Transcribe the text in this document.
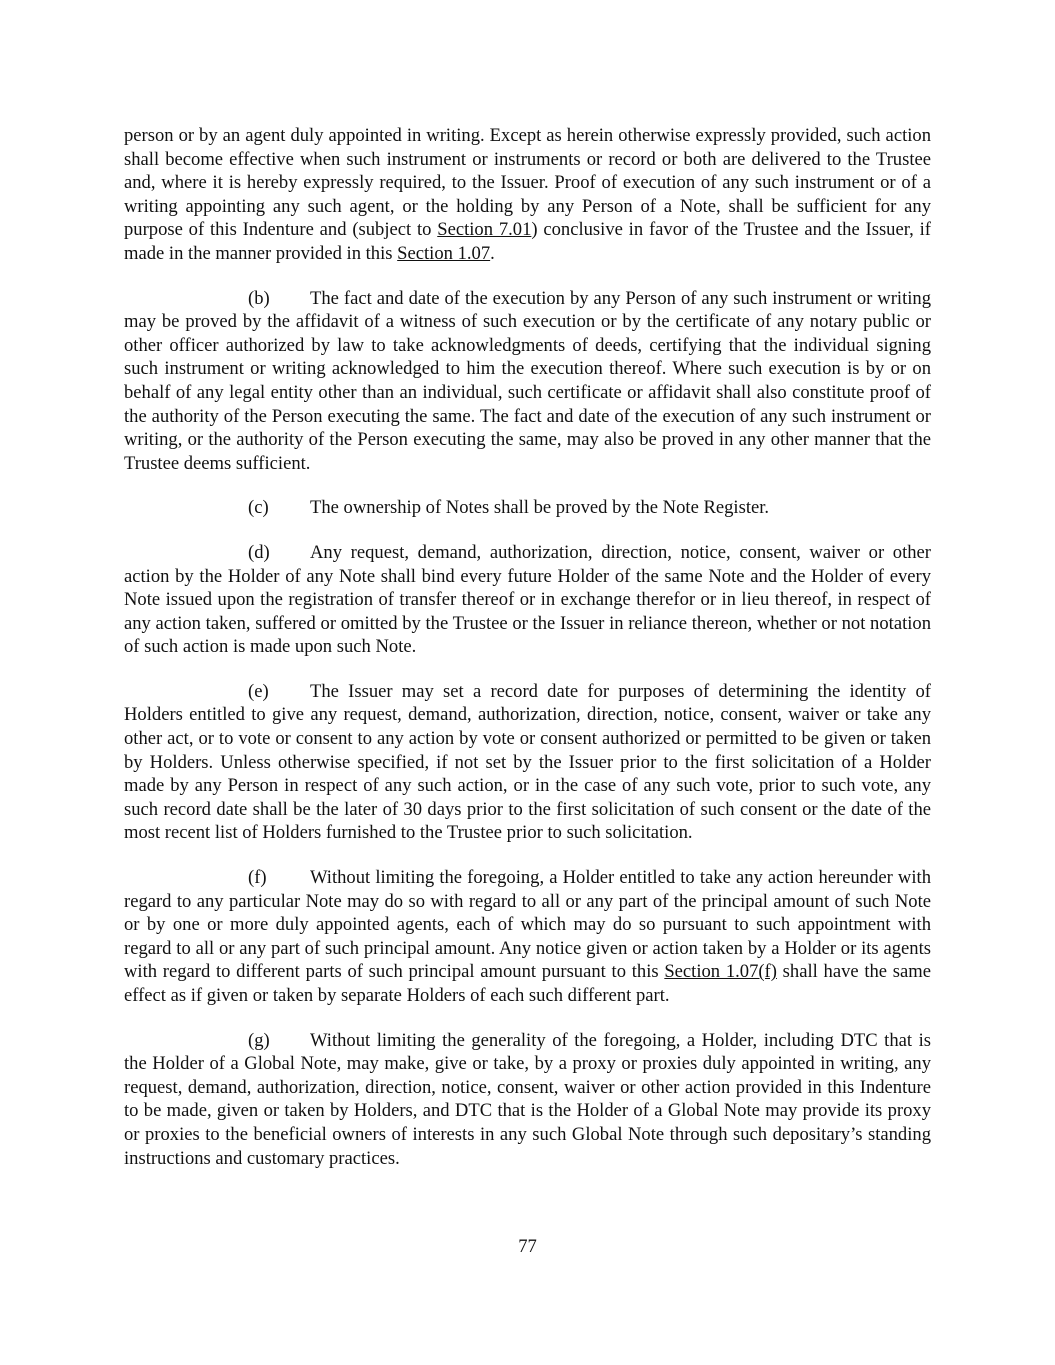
person or by an agent duly appointed in writing. Except as herein otherwise expressly provided, such action shall become effective when such instrument or instruments or record or both are delivered to the Trustee and, where it is hereby expressly required, to the Issuer. Proof of execution of any such instrument or of a writing appointing any such agent, or the holding by any Person of a Note, shall be sufficient for any purpose of this Indenture and (subject to Section 7.01) conclusive in favor of the Trustee and the Issuer, if made in the manner provided in this Section 1.07.

(b) The fact and date of the execution by any Person of any such instrument or writing may be proved by the affidavit of a witness of such execution or by the certificate of any notary public or other officer authorized by law to take acknowledgments of deeds, certifying that the individual signing such instrument or writing acknowledged to him the execution thereof. Where such execution is by or on behalf of any legal entity other than an individual, such certificate or affidavit shall also constitute proof of the authority of the Person executing the same. The fact and date of the execution of any such instrument or writing, or the authority of the Person executing the same, may also be proved in any other manner that the Trustee deems sufficient.

(c) The ownership of Notes shall be proved by the Note Register.

(d) Any request, demand, authorization, direction, notice, consent, waiver or other action by the Holder of any Note shall bind every future Holder of the same Note and the Holder of every Note issued upon the registration of transfer thereof or in exchange therefor or in lieu thereof, in respect of any action taken, suffered or omitted by the Trustee or the Issuer in reliance thereon, whether or not notation of such action is made upon such Note.

(e) The Issuer may set a record date for purposes of determining the identity of Holders entitled to give any request, demand, authorization, direction, notice, consent, waiver or take any other act, or to vote or consent to any action by vote or consent authorized or permitted to be given or taken by Holders. Unless otherwise specified, if not set by the Issuer prior to the first solicitation of a Holder made by any Person in respect of any such action, or in the case of any such vote, prior to such vote, any such record date shall be the later of 30 days prior to the first solicitation of such consent or the date of the most recent list of Holders furnished to the Trustee prior to such solicitation.

(f) Without limiting the foregoing, a Holder entitled to take any action hereunder with regard to any particular Note may do so with regard to all or any part of the principal amount of such Note or by one or more duly appointed agents, each of which may do so pursuant to such appointment with regard to all or any part of such principal amount. Any notice given or action taken by a Holder or its agents with regard to different parts of such principal amount pursuant to this Section 1.07(f) shall have the same effect as if given or taken by separate Holders of each such different part.

(g) Without limiting the generality of the foregoing, a Holder, including DTC that is the Holder of a Global Note, may make, give or take, by a proxy or proxies duly appointed in writing, any request, demand, authorization, direction, notice, consent, waiver or other action provided in this Indenture to be made, given or taken by Holders, and DTC that is the Holder of a Global Note may provide its proxy or proxies to the beneficial owners of interests in any such Global Note through such depositary’s standing instructions and customary practices.

77
